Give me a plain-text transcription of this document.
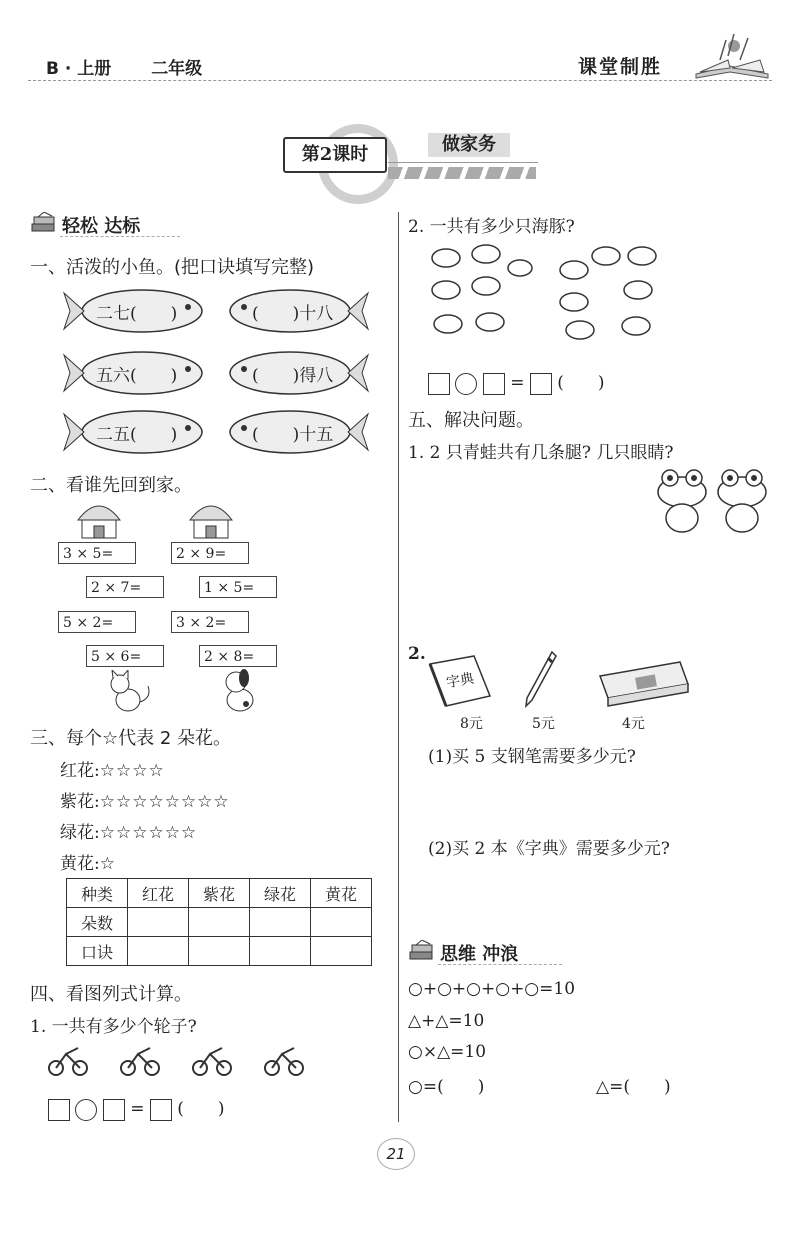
B · 上册 二年级	课堂制胜
第2课时	做家务
轻松 达标
一、活泼的小鱼。(把口诀填写完整)
二七(　　)	(　　)十八
五六(　　)	(　　)得八
二五(　　)	(　　)十五
二、看谁先回到家。
3 × 5=
2 × 7=
5 × 2=
5 × 6=
2 × 9=
1 × 5=
3 × 2=
2 × 8=
三、每个☆代表 2 朵花。
红花:☆☆☆☆
紫花:☆☆☆☆☆☆☆☆
绿花:☆☆☆☆☆☆
黄花:☆
种类	红花	紫花	绿花	黄花
朵数				
口诀				
四、看图列式计算。
1. 一共有多少个轮子?
= (　　)
2. 一共有多少只海豚?
= (　　)
五、解决问题。
1. 2 只青蛙共有几条腿? 几只眼睛?
2.
字典
8元	5元	4元
(1)买 5 支钢笔需要多少元?
(2)买 2 本《字典》需要多少元?
思维 冲浪
○+○+○+○+○=10
△+△=10
○×△=10
○=(　　)	△=(　　)
21
